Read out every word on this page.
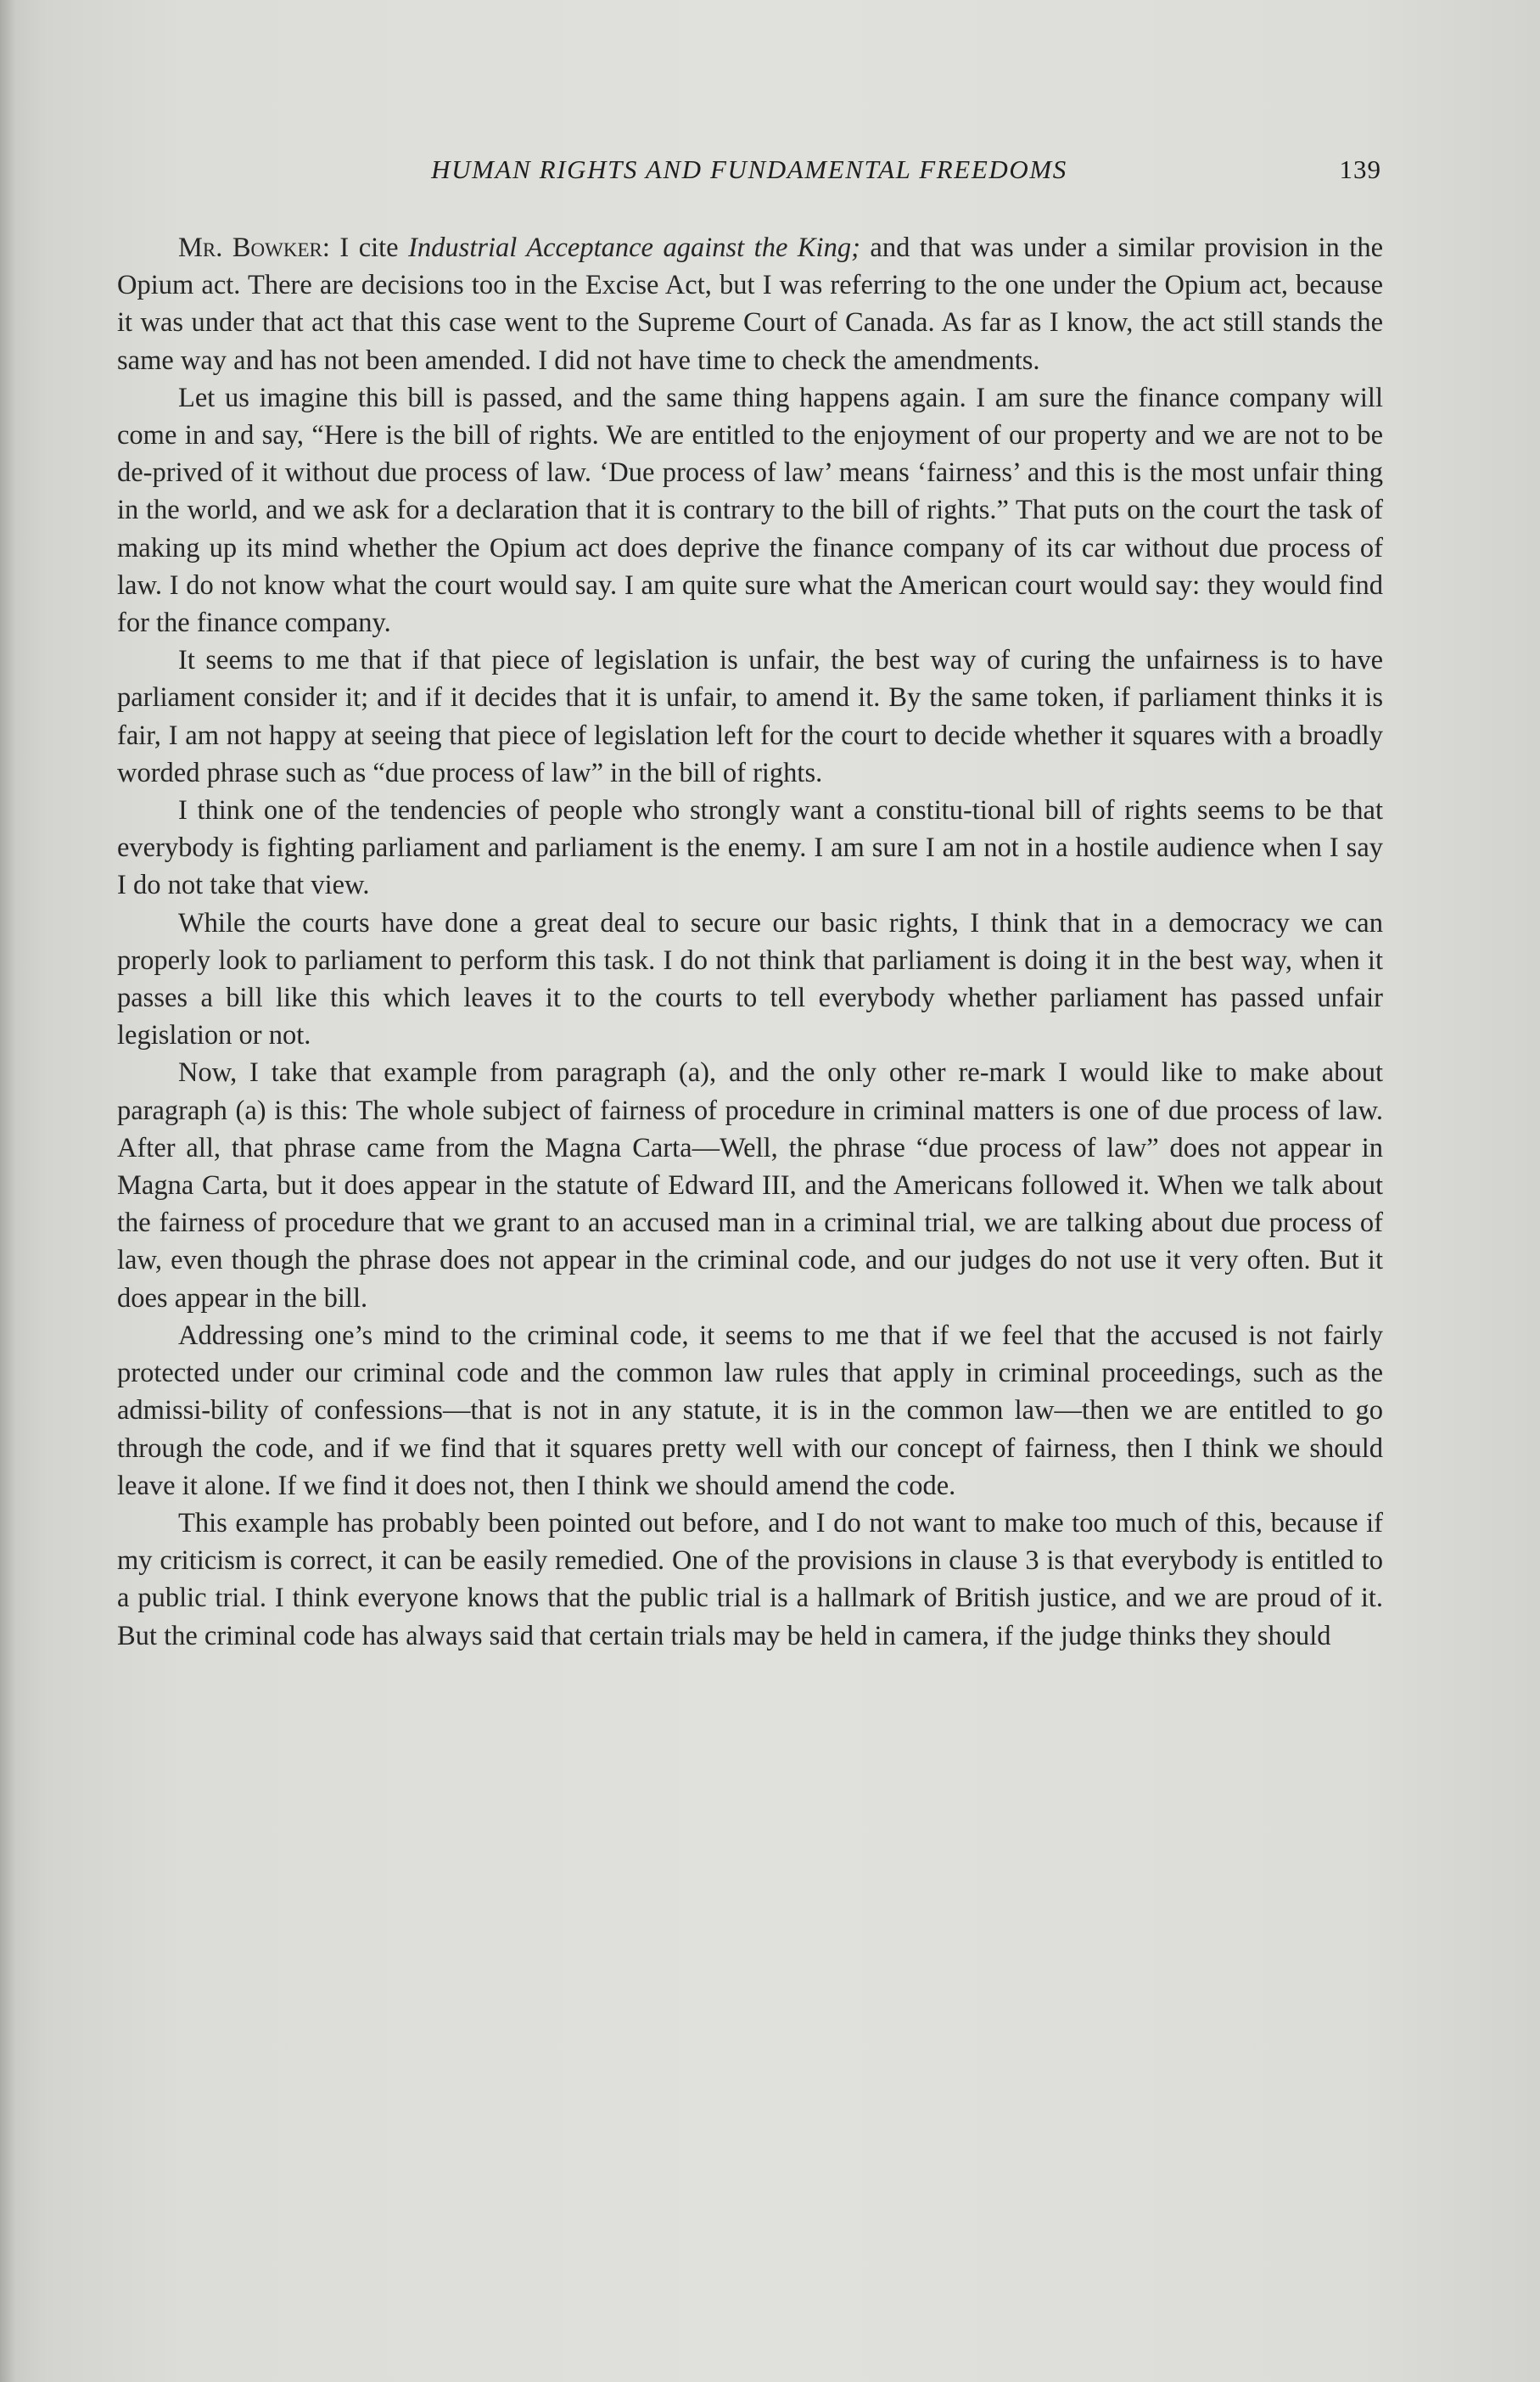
HUMAN RIGHTS AND FUNDAMENTAL FREEDOMS	139

Mr. Bowker: I cite Industrial Acceptance against the King; and that was under a similar provision in the Opium act. There are decisions too in the Excise Act, but I was referring to the one under the Opium act, because it was under that act that this case went to the Supreme Court of Canada. As far as I know, the act still stands the same way and has not been amended. I did not have time to check the amendments.

Let us imagine this bill is passed, and the same thing happens again. I am sure the finance company will come in and say, “Here is the bill of rights. We are entitled to the enjoyment of our property and we are not to be de-prived of it without due process of law. ‘Due process of law’ means ‘fairness’ and this is the most unfair thing in the world, and we ask for a declaration that it is contrary to the bill of rights.” That puts on the court the task of making up its mind whether the Opium act does deprive the finance company of its car without due process of law. I do not know what the court would say. I am quite sure what the American court would say: they would find for the finance company.

It seems to me that if that piece of legislation is unfair, the best way of curing the unfairness is to have parliament consider it; and if it decides that it is unfair, to amend it. By the same token, if parliament thinks it is fair, I am not happy at seeing that piece of legislation left for the court to decide whether it squares with a broadly worded phrase such as “due process of law” in the bill of rights.

I think one of the tendencies of people who strongly want a constitu-tional bill of rights seems to be that everybody is fighting parliament and parliament is the enemy. I am sure I am not in a hostile audience when I say I do not take that view.

While the courts have done a great deal to secure our basic rights, I think that in a democracy we can properly look to parliament to perform this task. I do not think that parliament is doing it in the best way, when it passes a bill like this which leaves it to the courts to tell everybody whether parliament has passed unfair legislation or not.

Now, I take that example from paragraph (a), and the only other re-mark I would like to make about paragraph (a) is this: The whole subject of fairness of procedure in criminal matters is one of due process of law. After all, that phrase came from the Magna Carta—Well, the phrase “due process of law” does not appear in Magna Carta, but it does appear in the statute of Edward III, and the Americans followed it. When we talk about the fairness of procedure that we grant to an accused man in a criminal trial, we are talking about due process of law, even though the phrase does not appear in the criminal code, and our judges do not use it very often. But it does appear in the bill.

Addressing one’s mind to the criminal code, it seems to me that if we feel that the accused is not fairly protected under our criminal code and the common law rules that apply in criminal proceedings, such as the admissi-bility of confessions—that is not in any statute, it is in the common law—then we are entitled to go through the code, and if we find that it squares pretty well with our concept of fairness, then I think we should leave it alone. If we find it does not, then I think we should amend the code.

This example has probably been pointed out before, and I do not want to make too much of this, because if my criticism is correct, it can be easily remedied. One of the provisions in clause 3 is that everybody is entitled to a public trial. I think everyone knows that the public trial is a hallmark of British justice, and we are proud of it. But the criminal code has always said that certain trials may be held in camera, if the judge thinks they should
